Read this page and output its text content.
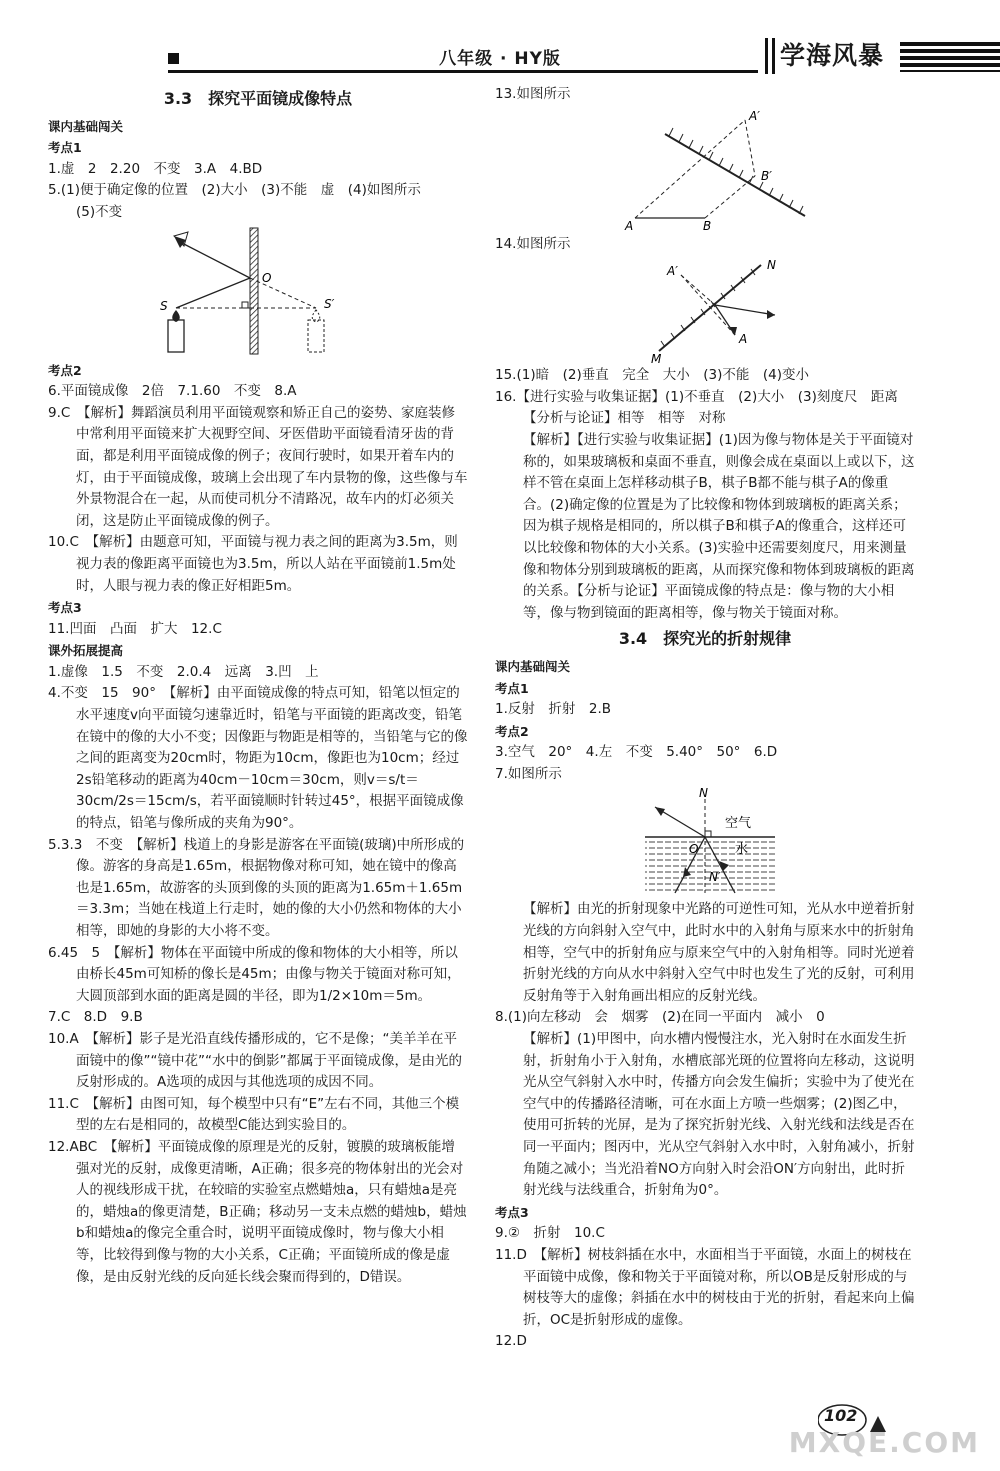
八年级 · HY版	学海风暴

3.3　探究平面镜成像特点

课内基础闯关

考点1

1.虚　2　2.20　不变　3.A　4.BD

5.(1)便于确定像的位置　(2)大小　(3)不能　虚　(4)如图所示

(5)不变

O
S	S′

考点2

6.平面镜成像　2倍　7.1.60　不变　8.A

9.C　【解析】舞蹈演员利用平面镜观察和矫正自己的姿势、家庭装修中常利用平面镜来扩大视野空间、牙医借助平面镜看清牙齿的背面，都是利用平面镜成像的例子；夜间行驶时，如果开着车内的灯，由于平面镜成像，玻璃上会出现了车内景物的像，这些像与车外景物混合在一起，从而使司机分不清路况，故车内的灯必须关闭，这是防止平面镜成像的例子。

10.C　【解析】由题意可知，平面镜与视力表之间的距离为3.5m，则视力表的像距离平面镜也为3.5m，所以人站在平面镜前1.5m处时，人眼与视力表的像正好相距5m。

考点3

11.凹面　凸面　扩大　12.C

课外拓展提高

1.虚像　1.5　不变　2.0.4　远离　3.凹　上

4.不变　15　90°　【解析】由平面镜成像的特点可知，铅笔以恒定的水平速度v向平面镜匀速靠近时，铅笔与平面镜的距离改变，铅笔在镜中的像的大小不变；因像距与物距是相等的，当铅笔与它的像之间的距离变为20cm时，物距为10cm，像距也为10cm；经过2s铅笔移动的距离为40cm－10cm＝30cm，则v＝s/t＝30cm/2s＝15cm/s，若平面镜顺时针转过45°，根据平面镜成像的特点，铅笔与像所成的夹角为90°。

5.3.3　不变　【解析】栈道上的身影是游客在平面镜(玻璃)中所形成的像。游客的身高是1.65m，根据物像对称可知，她在镜中的像高也是1.65m，故游客的头顶到像的头顶的距离为1.65m＋1.65m＝3.3m；当她在栈道上行走时，她的像的大小仍然和物体的大小相等，即她的身影的大小将不变。

6.45　5　【解析】物体在平面镜中所成的像和物体的大小相等，所以由桥长45m可知桥的像长是45m；由像与物关于镜面对称可知，大圆顶部到水面的距离是圆的半径，即为1/2×10m＝5m。

7.C　8.D　9.B

10.A　【解析】影子是光沿直线传播形成的，它不是像；“美羊羊在平面镜中的像”“镜中花”“水中的倒影”都属于平面镜成像，是由光的反射形成的。A选项的成因与其他选项的成因不同。

11.C　【解析】由图可知，每个模型中只有“E”左右不同，其他三个模型的左右是相同的，故模型C能达到实验目的。

12.ABC　【解析】平面镜成像的原理是光的反射，镀膜的玻璃板能增强对光的反射，成像更清晰，A正确；很多亮的物体射出的光会对人的视线形成干扰，在较暗的实验室点燃蜡烛a，只有蜡烛a是亮的，蜡烛a的像更清楚，B正确；移动另一支未点燃的蜡烛b，蜡烛b和蜡烛a的像完全重合时，说明平面镜成像时，物与像大小相等，比较得到像与物的大小关系，C正确；平面镜所成的像是虚像，是由反射光线的反向延长线会聚而得到的，D错误。

13.如图所示

A	B
A′
B′

14.如图所示

A′	N
M
A

15.(1)暗　(2)垂直　完全　大小　(3)不能　(4)变小

16.【进行实验与收集证据】(1)不垂直　(2)大小　(3)刻度尺　距离　【分析与论证】相等　相等　对称

【解析】【进行实验与收集证据】(1)因为像与物体是关于平面镜对称的，如果玻璃板和桌面不垂直，则像会成在桌面以上或以下，这样不管在桌面上怎样移动棋子B，棋子B都不能与棋子A的像重合。(2)确定像的位置是为了比较像和物体到玻璃板的距离关系；因为棋子规格是相同的，所以棋子B和棋子A的像重合，这样还可以比较像和物体的大小关系。(3)实验中还需要刻度尺，用来测量像和物体分别到玻璃板的距离，从而探究像和物体到玻璃板的距离的关系。【分析与论证】平面镜成像的特点是：像与物的大小相等，像与物到镜面的距离相等，像与物关于镜面对称。

3.4　探究光的折射规律

课内基础闯关

考点1

1.反射　折射　2.B

考点2

3.空气　20°　4.左　不变　5.40°　50°　6.D

7.如图所示

N
空气
水
O
N′

【解析】由光的折射现象中光路的可逆性可知，光从水中逆着折射光线的方向斜射入空气中，此时水中的入射角与原来水中的折射角相等，空气中的折射角应与原来空气中的入射角相等。同时光逆着折射光线的方向从水中斜射入空气中时也发生了光的反射，可利用反射角等于入射角画出相应的反射光线。

8.(1)向左移动　会　烟雾　(2)在同一平面内　减小　0

【解析】(1)甲图中，向水槽内慢慢注水，光入射时在水面发生折射，折射角小于入射角，水槽底部光斑的位置将向左移动，这说明光从空气斜射入水中时，传播方向会发生偏折；实验中为了使光在空气中的传播路径清晰，可在水面上方喷一些烟雾；(2)图乙中，使用可折转的光屏，是为了探究折射光线、入射光线和法线是否在同一平面内；图丙中，光从空气斜射入水中时，入射角减小，折射角随之减小；当光沿着NO方向射入时会沿ON′方向射出，此时折射光线与法线重合，折射角为0°。

考点3

9.②　折射　10.C

11.D　【解析】树枝斜插在水中，水面相当于平面镜，水面上的树枝在平面镜中成像，像和物关于平面镜对称，所以OB是反射形成的与树枝等大的虚像；斜插在水中的树枝由于光的折射，看起来向上偏折，OC是折射形成的虚像。

12.D

102
MXQE.COM
